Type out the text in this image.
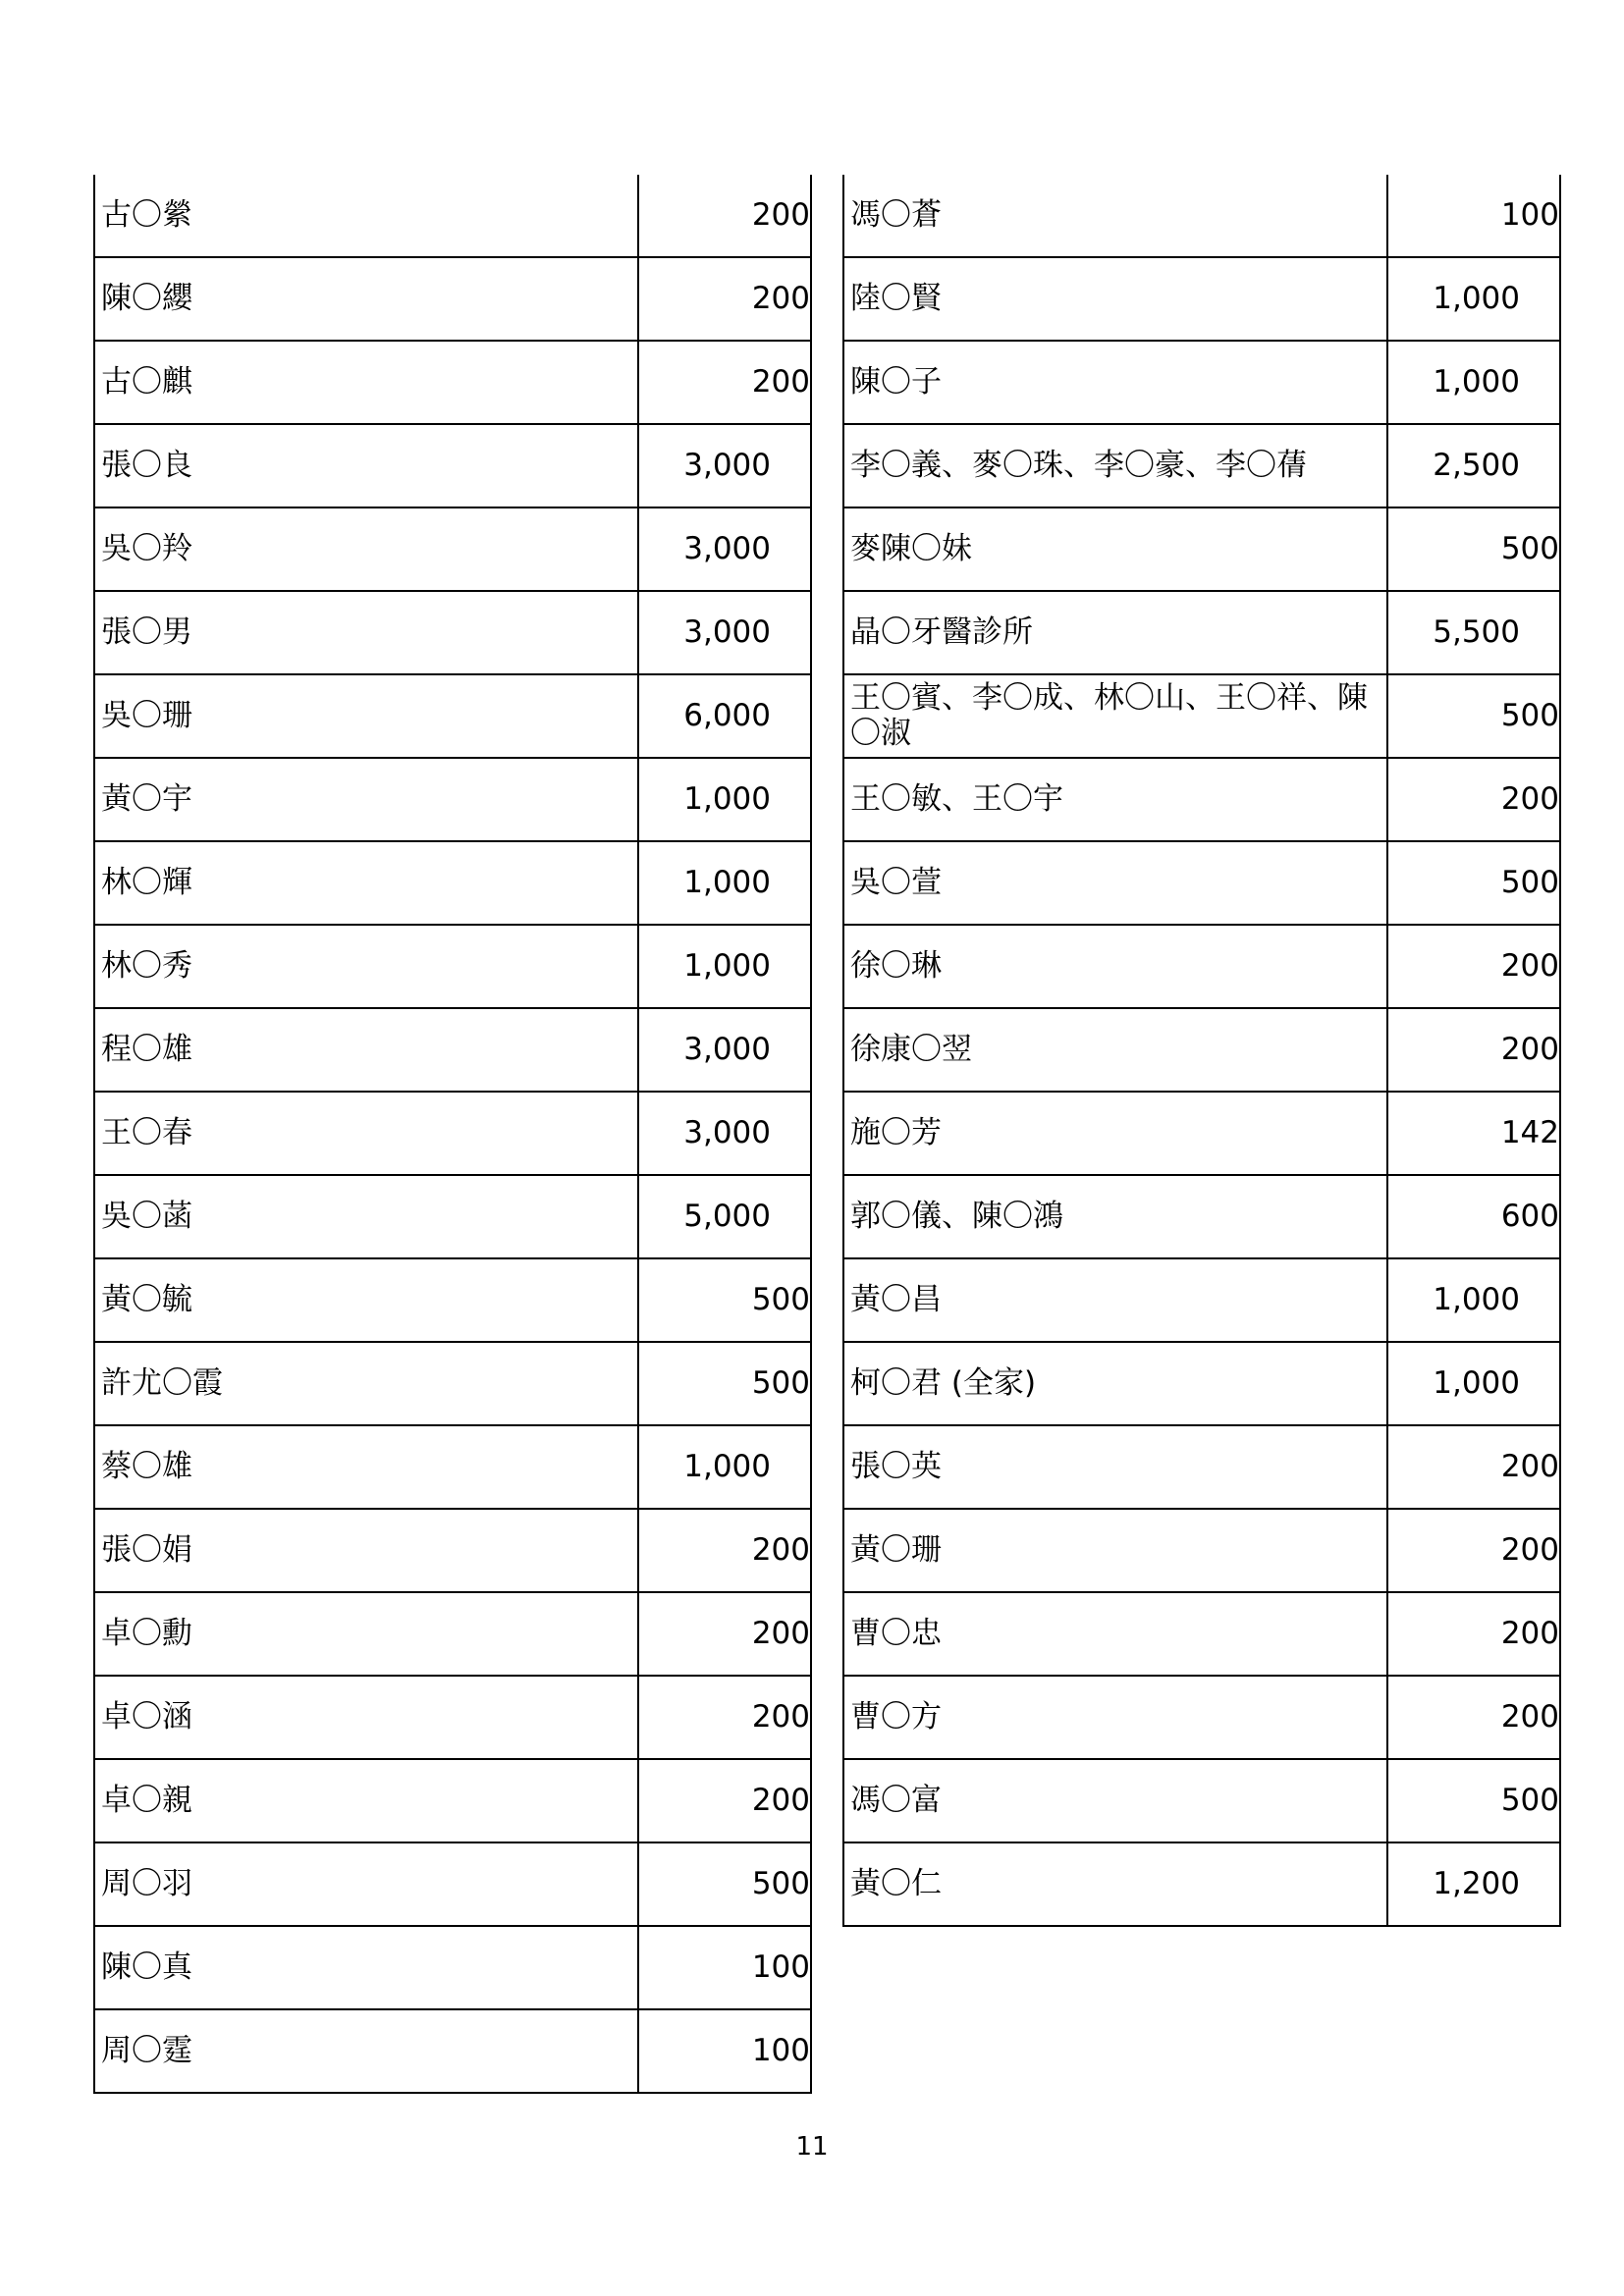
古〇縈	200
陳〇纓	200
古〇麒	200
張〇良	3,000
吳〇羚	3,000
張〇男	3,000
吳〇珊	6,000
黃〇宇	1,000
林〇輝	1,000
林〇秀	1,000
程〇雄	3,000
王〇春	3,000
吳〇菡	5,000
黃〇毓	500
許尤〇霞	500
蔡〇雄	1,000
張〇娟	200
卓〇勳	200
卓〇涵	200
卓〇親	200
周〇羽	500
陳〇真	100
周〇霆	100
馮〇蒼	100
陸〇賢	1,000
陳〇子	1,000
李〇義、麥〇珠、李〇豪、李〇蒨	2,500
麥陳〇妹	500
晶〇牙醫診所	5,500
王〇賓、李〇成、林〇山、王〇祥、陳〇淑	500
王〇敏、王〇宇	200
吳〇萱	500
徐〇琳	200
徐康〇翌	200
施〇芳	142
郭〇儀、陳〇鴻	600
黃〇昌	1,000
柯〇君 (全家)	1,000
張〇英	200
黃〇珊	200
曹〇忠	200
曹〇方	200
馮〇富	500
黃〇仁	1,200
11
